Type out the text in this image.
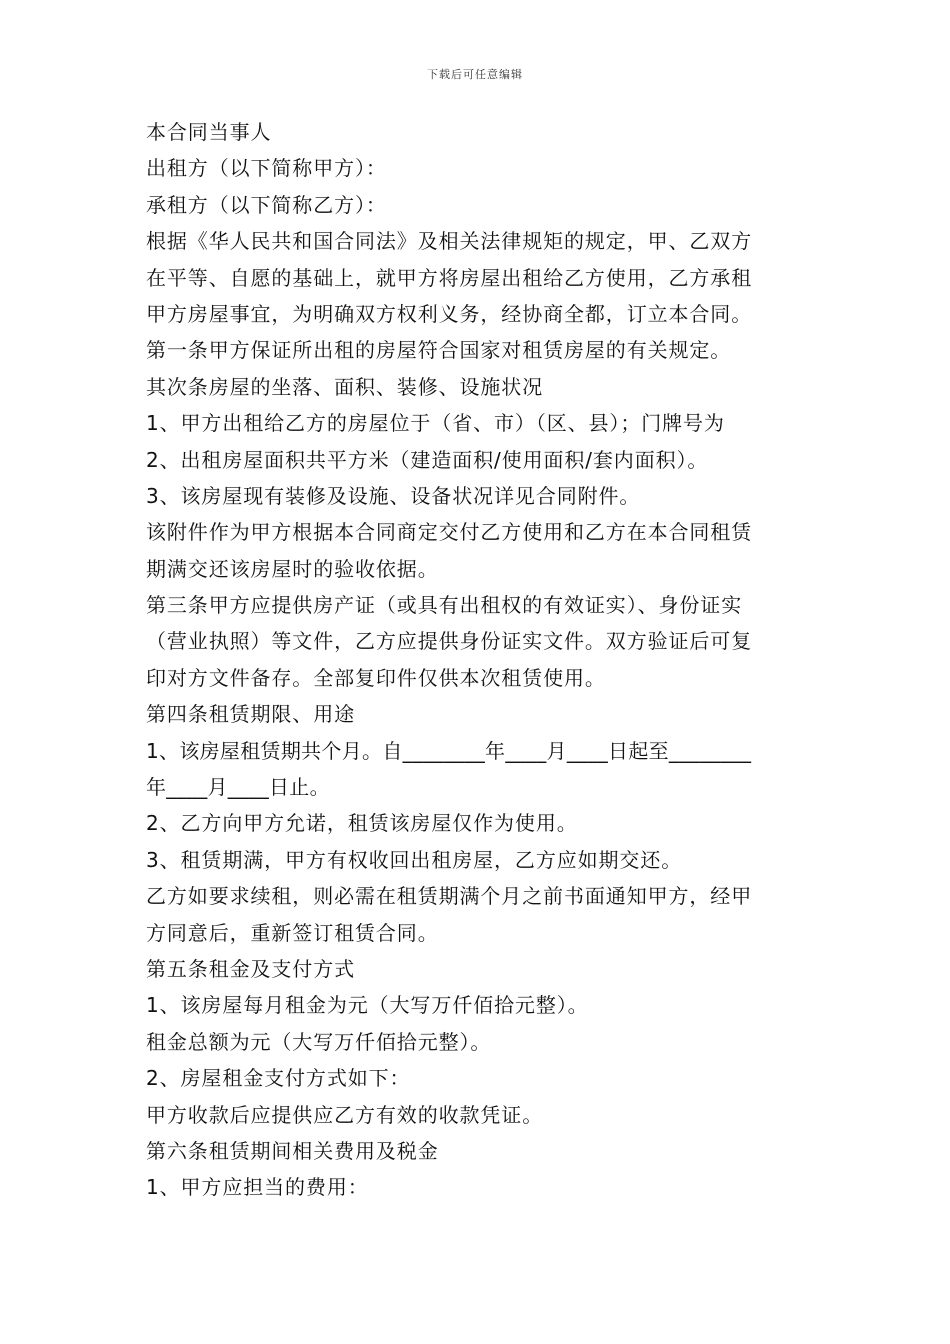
下载后可任意编辑
本合同当事人
出租方（以下简称甲方）：
承租方（以下简称乙方）：
根据《华人民共和国合同法》及相关法律规矩的规定，甲、乙双方
在平等、自愿的基础上，就甲方将房屋出租给乙方使用，乙方承租
甲方房屋事宜，为明确双方权利义务，经协商全都，订立本合同。
第一条甲方保证所出租的房屋符合国家对租赁房屋的有关规定。
其次条房屋的坐落、面积、装修、设施状况
1、甲方出租给乙方的房屋位于（省、市）（区、县）；门牌号为
2、出租房屋面积共平方米（建造面积/使用面积/套内面积）。
3、该房屋现有装修及设施、设备状况详见合同附件。
该附件作为甲方根据本合同商定交付乙方使用和乙方在本合同租赁
期满交还该房屋时的验收依据。
第三条甲方应提供房产证（或具有出租权的有效证实）、身份证实
（营业执照）等文件，乙方应提供身份证实文件。双方验证后可复
印对方文件备存。全部复印件仅供本次租赁使用。
第四条租赁期限、用途
1、该房屋租赁期共个月。自________年____月____日起至________
年____月____日止。
2、乙方向甲方允诺，租赁该房屋仅作为使用。
3、租赁期满，甲方有权收回出租房屋，乙方应如期交还。
乙方如要求续租，则必需在租赁期满个月之前书面通知甲方，经甲
方同意后，重新签订租赁合同。
第五条租金及支付方式
1、该房屋每月租金为元（大写万仟佰拾元整）。
租金总额为元（大写万仟佰拾元整）。
2、房屋租金支付方式如下：
甲方收款后应提供应乙方有效的收款凭证。
第六条租赁期间相关费用及税金
1、甲方应担当的费用：
